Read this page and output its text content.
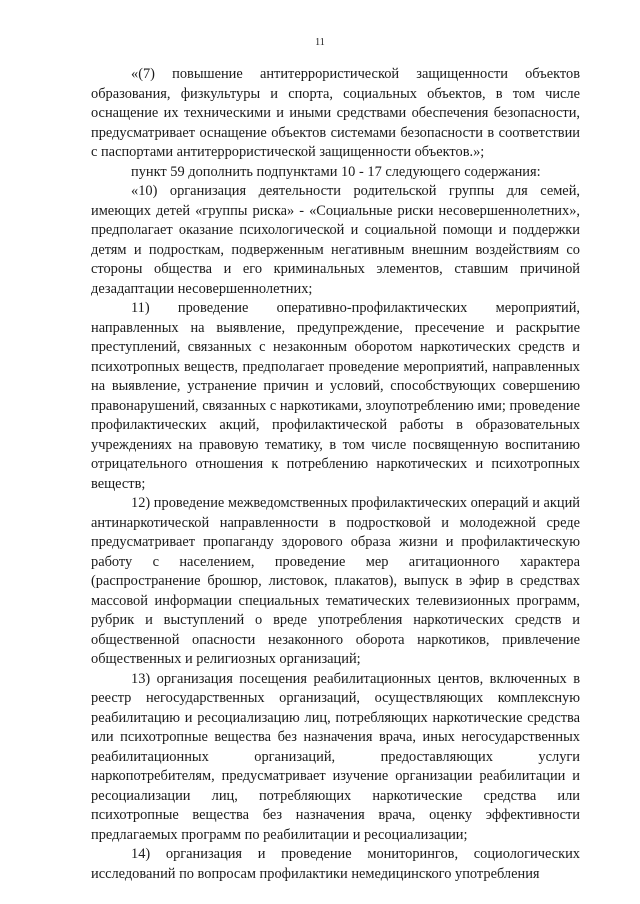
11

«(7) повышение антитеррористической защищенности объектов образования, физкультуры и спорта, социальных объектов, в том числе оснащение их техническими и иными средствами обеспечения безопасности, предусматривает оснащение объектов системами безопасности в соответствии с паспортами антитеррористической защищенности объектов.»;

пункт 59 дополнить подпунктами 10 - 17 следующего содержания:

«10) организация деятельности родительской группы для семей, имеющих детей «группы риска» - «Социальные риски несовершеннолетних», предполагает оказание психологической и социальной помощи и поддержки детям и подросткам, подверженным негативным внешним воздействиям со стороны общества и его криминальных элементов, ставшим причиной дезадаптации несовершеннолетних;

11) проведение оперативно-профилактических мероприятий, направленных на выявление, предупреждение, пресечение и раскрытие преступлений, связанных с незаконным оборотом наркотических средств и психотропных веществ, предполагает проведение мероприятий, направленных на выявление, устранение причин и условий, способствующих совершению правонарушений, связанных с наркотиками, злоупотреблению ими; проведение профилактических акций, профилактической работы в образовательных учреждениях на правовую тематику, в том числе посвященную воспитанию отрицательного отношения к потреблению наркотических и психотропных веществ;

12) проведение межведомственных профилактических операций и акций антинаркотической направленности в подростковой и молодежной среде предусматривает пропаганду здорового образа жизни и профилактическую работу с населением, проведение мер агитационного характера (распространение брошюр, листовок, плакатов), выпуск в эфир в средствах массовой информации специальных тематических телевизионных программ, рубрик и выступлений о вреде употребления наркотических средств и общественной опасности незаконного оборота наркотиков, привлечение общественных и религиозных организаций;

13) организация посещения реабилитационных центов, включенных в реестр негосударственных организаций, осуществляющих комплексную реабилитацию и ресоциализацию лиц, потребляющих наркотические средства или психотропные вещества без назначения врача, иных негосударственных реабилитационных организаций, предоставляющих услуги наркопотребителям, предусматривает изучение организации реабилитации и ресоциализации лиц, потребляющих наркотические средства или психотропные вещества без назначения врача, оценку эффективности предлагаемых программ по реабилитации и ресоциализации;

14) организация и проведение мониторингов, социологических исследований по вопросам профилактики немедицинского употребления
